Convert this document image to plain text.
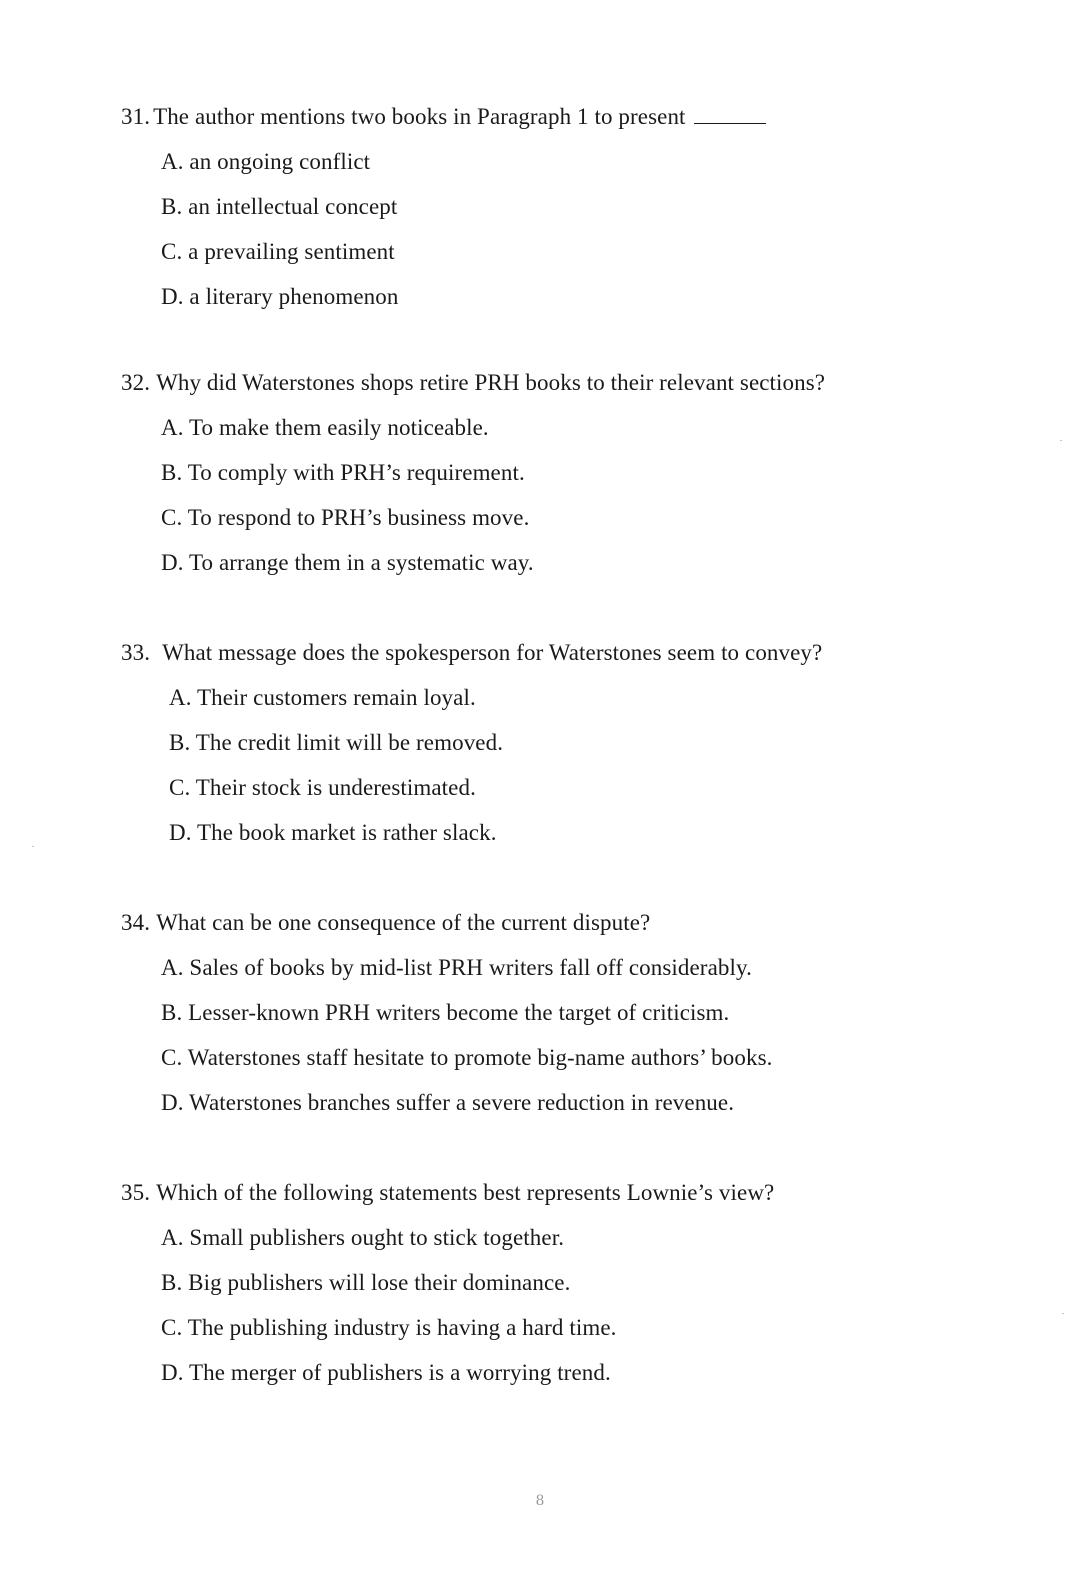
31. The author mentions two books in Paragraph 1 to present
A. an ongoing conflict
B. an intellectual concept
C. a prevailing sentiment
D. a literary phenomenon
32. Why did Waterstones shops retire PRH books to their relevant sections?
A. To make them easily noticeable.
B. To comply with PRH’s requirement.
C. To respond to PRH’s business move.
D. To arrange them in a systematic way.
33. What message does the spokesperson for Waterstones seem to convey?
A. Their customers remain loyal.
B. The credit limit will be removed.
C. Their stock is underestimated.
D. The book market is rather slack.
34. What can be one consequence of the current dispute?
A. Sales of books by mid-list PRH writers fall off considerably.
B. Lesser-known PRH writers become the target of criticism.
C. Waterstones staff hesitate to promote big-name authors’ books.
D. Waterstones branches suffer a severe reduction in revenue.
35. Which of the following statements best represents Lownie’s view?
A. Small publishers ought to stick together.
B. Big publishers will lose their dominance.
C. The publishing industry is having a hard time.
D. The merger of publishers is a worrying trend.
8
